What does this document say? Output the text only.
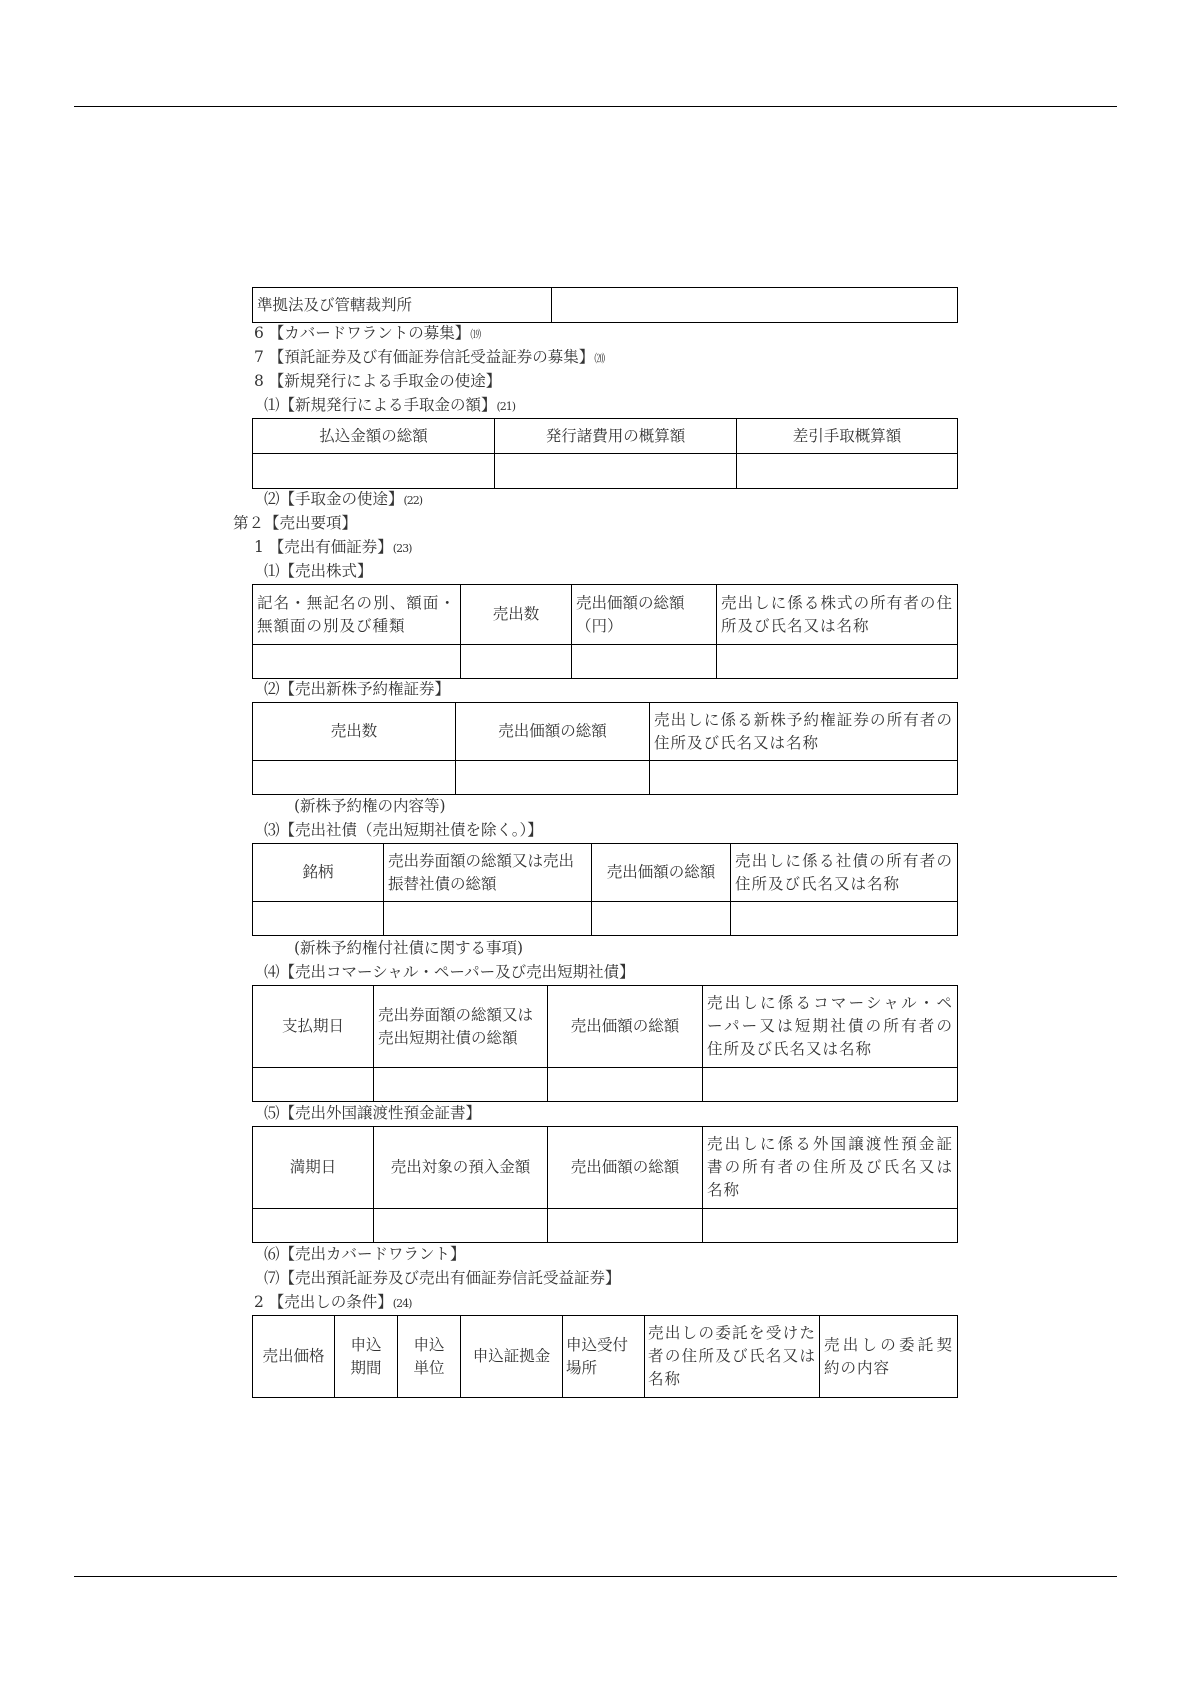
準拠法及び管轄裁判所	
6 【カバードワラントの募集】⒆
7 【預託証券及び有価証券信託受益証券の募集】⒇
8 【新規発行による手取金の使途】
⑴【新規発行による手取金の額】(21)
払込金額の総額	発行諸費用の概算額	差引手取概算額

⑵【手取金の使途】(22)
第２【売出要項】
1 【売出有価証券】(23)
⑴【売出株式】
記名・無記名の別、額面・無額面の別及び種類	売出数	売出価額の総額（円）	売出しに係る株式の所有者の住所及び氏名又は名称

⑵【売出新株予約権証券】
売出数	売出価額の総額	売出しに係る新株予約権証券の所有者の住所及び氏名又は名称

(新株予約権の内容等)
⑶【売出社債（売出短期社債を除く。）】
銘柄	売出券面額の総額又は売出振替社債の総額	売出価額の総額	売出しに係る社債の所有者の住所及び氏名又は名称

(新株予約権付社債に関する事項)
⑷【売出コマーシャル・ペーパー及び売出短期社債】
支払期日	売出券面額の総額又は売出短期社債の総額	売出価額の総額	売出しに係るコマーシャル・ペーパー又は短期社債の所有者の住所及び氏名又は名称

⑸【売出外国譲渡性預金証書】
満期日	売出対象の預入金額	売出価額の総額	売出しに係る外国譲渡性預金証書の所有者の住所及び氏名又は名称

⑹【売出カバードワラント】
⑺【売出預託証券及び売出有価証券信託受益証券】
2 【売出しの条件】(24)
売出価格	申込期間	申込単位	申込証拠金	申込受付場所	売出しの委託を受けた者の住所及び氏名又は名称	売出しの委託契約の内容
